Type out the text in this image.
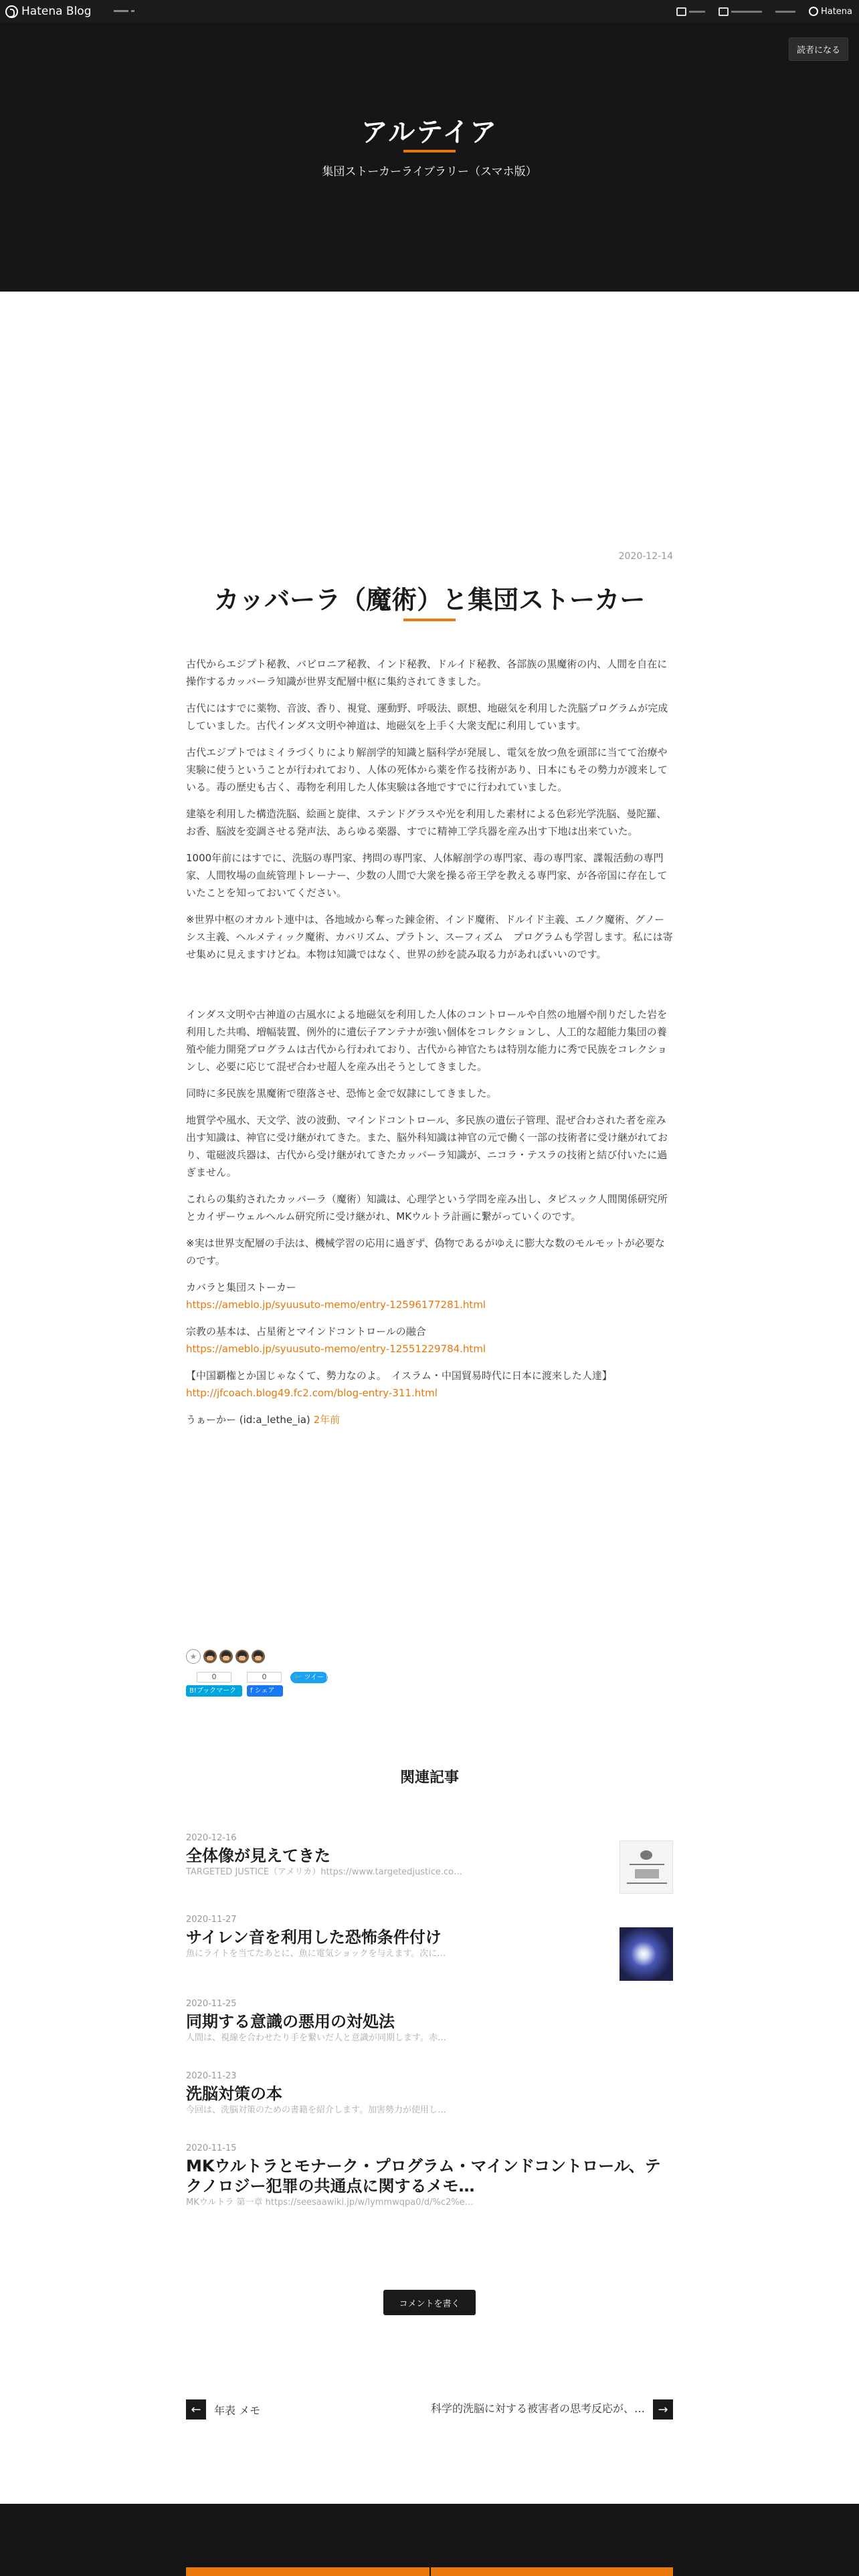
Hatena Blog	Hatena
読者になる
アルテイア
集団ストーカーライブラリー（スマホ版）
2020-12-14
カッバーラ（魔術）と集団ストーカー

古代からエジプト秘教、バビロニア秘教、インド秘教、ドルイド秘教、各部族の黒魔術の内、人間を自在に操作するカッバーラ知識が世界支配層中枢に集約されてきました。

古代にはすでに薬物、音波、香り、視覚、運動野、呼吸法、瞑想、地磁気を利用した洗脳プログラムが完成していました。古代インダス文明や神道は、地磁気を上手く大衆支配に利用しています。

古代エジプトではミイラづくりにより解剖学的知識と脳科学が発展し、電気を放つ魚を頭部に当てて治療や実験に使うということが行われており、人体の死体から薬を作る技術があり、日本にもその勢力が渡来している。毒の歴史も古く、毒物を利用した人体実験は各地ですでに行われていました。

建築を利用した構造洗脳、絵画と旋律、ステンドグラスや光を利用した素材による色彩光学洗脳、曼陀羅、お香、脳波を変調させる発声法、あらゆる楽器、すでに精神工学兵器を産み出す下地は出来ていた。

1000年前にはすでに、洗脳の専門家、拷問の専門家、人体解剖学の専門家、毒の専門家、諜報活動の専門家、人間牧場の血統管理トレーナー、少数の人間で大衆を操る帝王学を教える専門家、が各帝国に存在していたことを知っておいてください。

※世界中枢のオカルト連中は、各地域から奪った錬金術、インド魔術、ドルイド主義、エノク魔術、グノーシス主義、ヘルメティック魔術、カバリズム、プラトン、スーフィズム　プログラムも学習します。私には寄せ集めに見えますけどね。本物は知識ではなく、世界の紗を読み取る力があればいいのです。

インダス文明や古神道の古風水による地磁気を利用した人体のコントロールや自然の地層や削りだした岩を利用した共鳴、増幅装置、例外的に遺伝子アンテナが強い個体をコレクションし、人工的な超能力集団の養殖や能力開発プログラムは古代から行われており、古代から神官たちは特別な能力に秀で民族をコレクションし、必要に応じて混ぜ合わせ超人を産み出そうとしてきました。

同時に多民族を黒魔術で堕落させ、恐怖と金で奴隷にしてきました。

地質学や風水、天文学、波の波動、マインドコントロール、多民族の遺伝子管理、混ぜ合わされた者を産み出す知識は、神官に受け継がれてきた。また、脳外科知識は神官の元で働く一部の技術者に受け継がれており、電磁波兵器は、古代から受け継がれてきたカッバーラ知識が、ニコラ・テスラの技術と結び付いたに過ぎません。

これらの集約されたカッバーラ（魔術）知識は、心理学という学問を産み出し、タビスック人間関係研究所とカイザーウェルヘルム研究所に受け継がれ、MKウルトラ計画に繋がっていくのです。

※実は世界支配層の手法は、機械学習の応用に過ぎず、偽物であるがゆえに膨大な数のモルモットが必要なのです。

カバラと集団ストーカー
https://ameblo.jp/syuusuto-memo/entry-12596177281.html

宗教の基本は、占星術とマインドコントロールの融合
https://ameblo.jp/syuusuto-memo/entry-12551229784.html

【中国覇権とか国じゃなくて、勢力なのよ。　イスラム・中国貿易時代に日本に渡来した人達】
http://jfcoach.blog49.fc2.com/blog-entry-311.html

うぁーかー (id:a_lethe_ia) 2年前

★
0	0
B!ブックマーク	f シェア
🐦 ツイート
関連記事
2020-12-16
全体像が見えてきた
TARGETED JUSTICE（アメリカ）https://www.targetedjustice.co…
2020-11-27
サイレン音を利用した恐怖条件付け
魚にライトを当てたあとに、魚に電気ショックを与えます。次に…
2020-11-25
同期する意識の悪用の対処法
人間は、視線を合わせたり手を繋いだ人と意識が同期します。赤…
2020-11-23
洗脳対策の本
今回は、洗脳対策のための書籍を紹介します。加害勢力が使用し…
2020-11-15
MKウルトラとモナーク・プログラム・マインドコントロール、テクノロジー犯罪の共通点に関するメモ…
MKウルトラ 第一章 https://seesaawiki.jp/w/lymmwqpa0/d/%c2%e…
コメントを書く
←	年表 メモ	科学的洗脳に対する被害者の思考反応が、…	→
